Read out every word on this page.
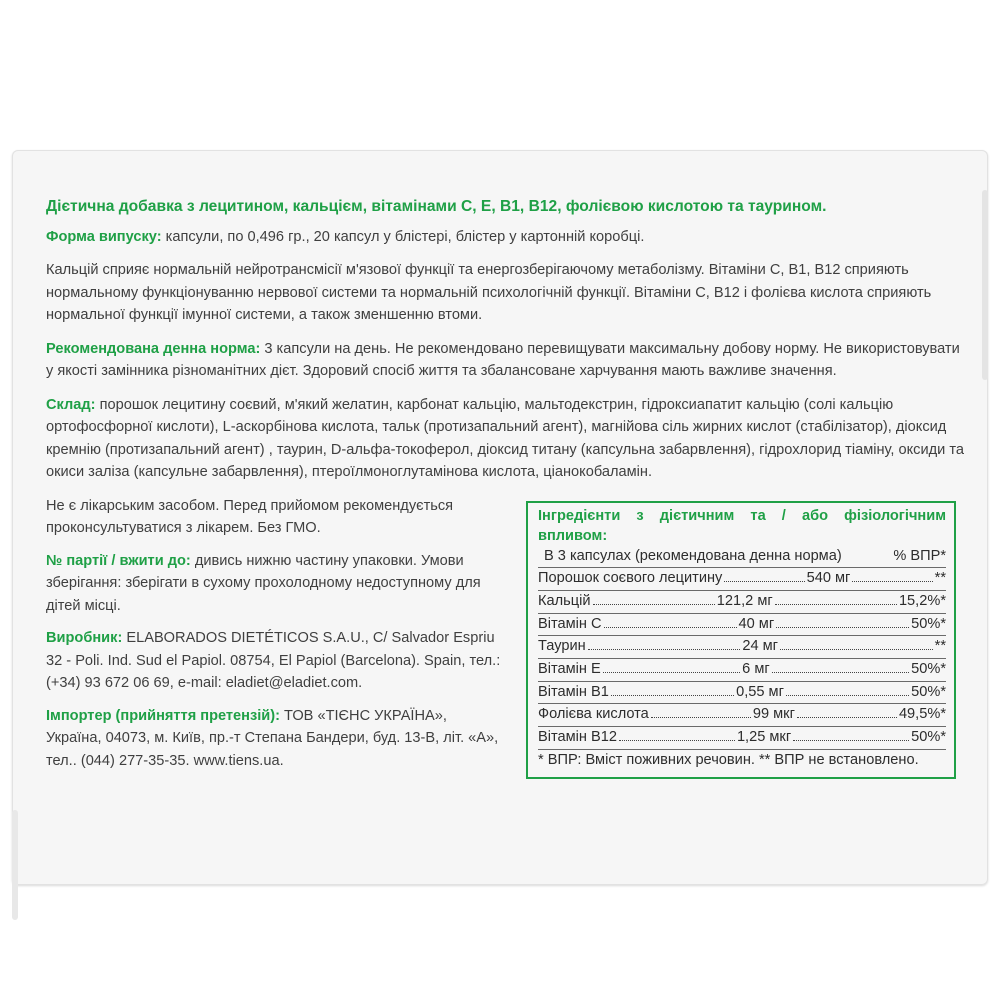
Дієтична добавка з лецитином, кальцієм, вітамінами С, Е, В1, В12, фолієвою кислотою та таурином.

Форма випуску: капсули, по 0,496 гр., 20 капсул у блістері, блістер у картонній коробці.

Кальцій сприяє нормальній нейротрансмісії м'язової функції та енергозберігаючому метаболізму. Вітаміни С, В1, В12 сприяють нормальному функціонуванню нервової системи та нормальній психологічній функції. Вітаміни С, В12 і фолієва кислота сприяють нормальної функції імунної системи, а також зменшенню втоми.

Рекомендована денна норма: 3 капсули на день. Не рекомендовано перевищувати максимальну добову норму. Не використовувати у якості замінника різноманітних дієт. Здоровий спосіб життя та збалансоване харчування мають важливе значення.

Склад: порошок лецитину соєвий, м'який желатин, карбонат кальцію, мальтодекстрин, гідроксиапатит кальцію (солі кальцію ортофосфорної кислоти), L-аскорбінова кислота, тальк (протизапальний агент), магнійова сіль жирних кислот (стабілізатор), діоксид кремнію (протизапальний агент) , таурин, D-альфа-токоферол, діоксид титану (капсульна забарвлення), гідрохлорид тіаміну, оксиди та окиси заліза (капсульне забарвлення), птероїлмоноглутамінова кислота, ціанокобаламін.

Не є лікарським засобом. Перед прийомом рекомендується проконсультуватися з лікарем. Без ГМО.

№ партії / вжити до: дивись нижню частину упаковки. Умови зберігання: зберігати в сухому прохолодному недоступному для дітей місці.

Виробник: ELABORADOS DIETÉTICOS S.A.U., C/ Salvador Espriu 32 - Poli. Ind. Sud el Papiol. 08754, El Papiol (Barcelona). Spain, тел.: (+34) 93 672 06 69, e-mail: eladiet@eladiet.com.

Імпортер (прийняття претензій): ТОВ «ТІЄНС УКРАЇНА», Україна, 04073, м. Київ, пр.-т Степана Бандери, буд. 13-В, літ. «А», тел.. (044) 277-35-35. www.tiens.ua.

Інгредієнти з дієтичним та / або фізіологічним впливом:
В 3 капсулах (рекомендована денна норма)	% ВПР*
Порошок соєвого лецитину	540 мг	**
Кальцій	121,2 мг	15,2%*
Вітамін С	40 мг	50%*
Таурин	24 мг	**
Вітамін Е	6 мг	50%*
Вітамін В1	0,55 мг	50%*
Фолієва кислота	99 мкг	49,5%*
Вітамін В12	1,25 мкг	50%*
* ВПР: Вміст поживних речовин. ** ВПР не встановлено.
